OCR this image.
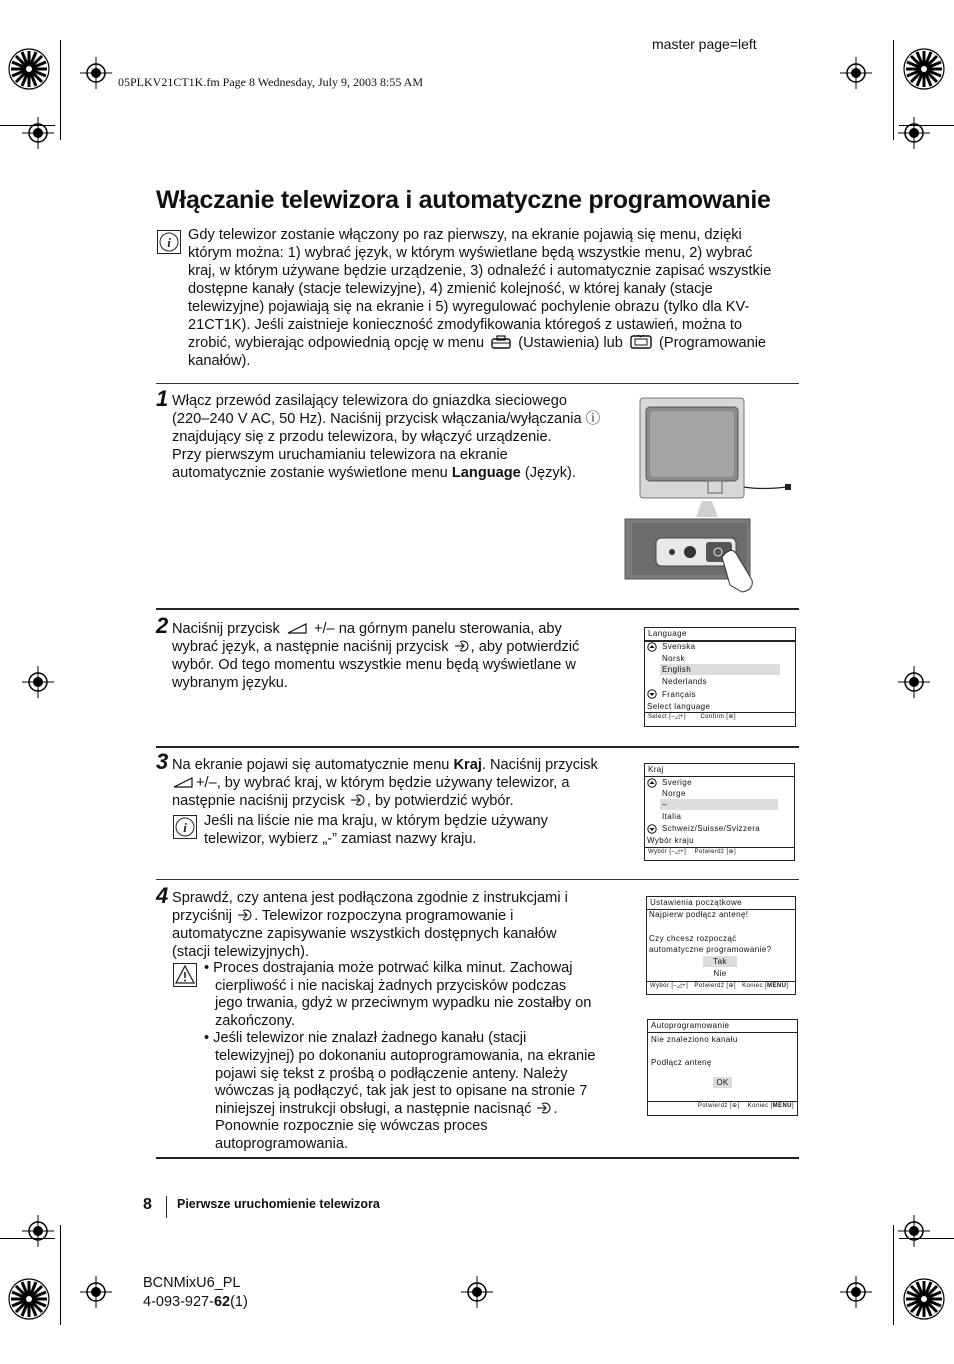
05PLKV21CT1K.fm Page 8 Wednesday, July 9, 2003 8:55 AM
master page=left
Włączanie telewizora i automatyczne programowanie
i Gdy telewizor zostanie włączony po raz pierwszy, na ekranie pojawią się menu, dzięki
którym można: 1) wybrać język, w którym wyświetlane będą wszystkie menu, 2) wybrać
kraj, w którym używane będzie urządzenie, 3) odnaleźć i automatycznie zapisać wszystkie
dostępne kanały (stacje telewizyjne), 4) zmienić kolejność, w której kanały (stacje
telewizyjne) pojawiają się na ekranie i 5) wyregulować pochylenie obrazu (tylko dla KV-
21CT1K). Jeśli zaistnieje konieczność zmodyfikowania któregoś z ustawień, można to
zrobić, wybierając odpowiednią opcję w menu (Ustawienia) lub (Programowanie
kanałów).
1 Włącz przewód zasilający telewizora do gniazdka sieciowego
(220–240 V AC, 50 Hz). Naciśnij przycisk włączania/wyłączania ⓘ
znajdujący się z przodu telewizora, by włączyć urządzenie.
Przy pierwszym uruchamianiu telewizora na ekranie
automatycznie zostanie wyświetlone menu Language (Język).
2 Naciśnij przycisk +/– na górnym panelu sterowania, aby
wybrać język, a następnie naciśnij przycisk , aby potwierdzić
wybór. Od tego momentu wszystkie menu będą wyświetlane w
wybranym języku.
Language
Svenska
Norsk
English
Nederlands
Français
Select language
Select [–◿+] Confirm [⊕]
3 Na ekranie pojawi się automatycznie menu Kraj. Naciśnij przycisk
+/–, by wybrać kraj, w którym będzie używany telewizor, a
następnie naciśnij przycisk , by potwierdzić wybór.
i Jeśli na liście nie ma kraju, w którym będzie używany
telewizor, wybierz „-” zamiast nazwy kraju.
Kraj
Sverige
Norge
–
Italia
Schweiz/Suisse/Svizzera
Wybór kraju
Wybór [–◿+] Potwierdź [⊕]
4 Sprawdź, czy antena jest podłączona zgodnie z instrukcjami i
przyciśnij . Telewizor rozpoczyna programowanie i
automatyczne zapisywanie wszystkich dostępnych kanałów
(stacji telewizyjnych).
• Proces dostrajania może potrwać kilka minut. Zachowaj
cierpliwość i nie naciskaj żadnych przycisków podczas
jego trwania, gdyż w przeciwnym wypadku nie zostałby on
zakończony.
• Jeśli telewizor nie znalazł żadnego kanału (stacji
telewizyjnej) po dokonaniu autoprogramowania, na ekranie
pojawi się tekst z prośbą o podłączenie anteny. Należy
wówczas ją podłączyć, tak jak jest to opisane na stronie 7
niniejszej instrukcji obsługi, a następnie nacisnąć .
Ponownie rozpocznie się wówczas proces
autoprogramowania.
Ustawienia początkowe
Najpierw podłącz antenę!
Czy chcesz rozpocząć
automatyczne programowanie?
Tak
Nie
Wybór [–◿+] Potwierdź [⊕] Koniec [MENU]
Autoprogramowanie
Nie znaleziono kanału
Podłącz antenę
OK
Potwierdź [⊕] Koniec [MENU]
8 Pierwsze uruchomienie telewizora
BCNMixU6_PL
4-093-927-62(1)
